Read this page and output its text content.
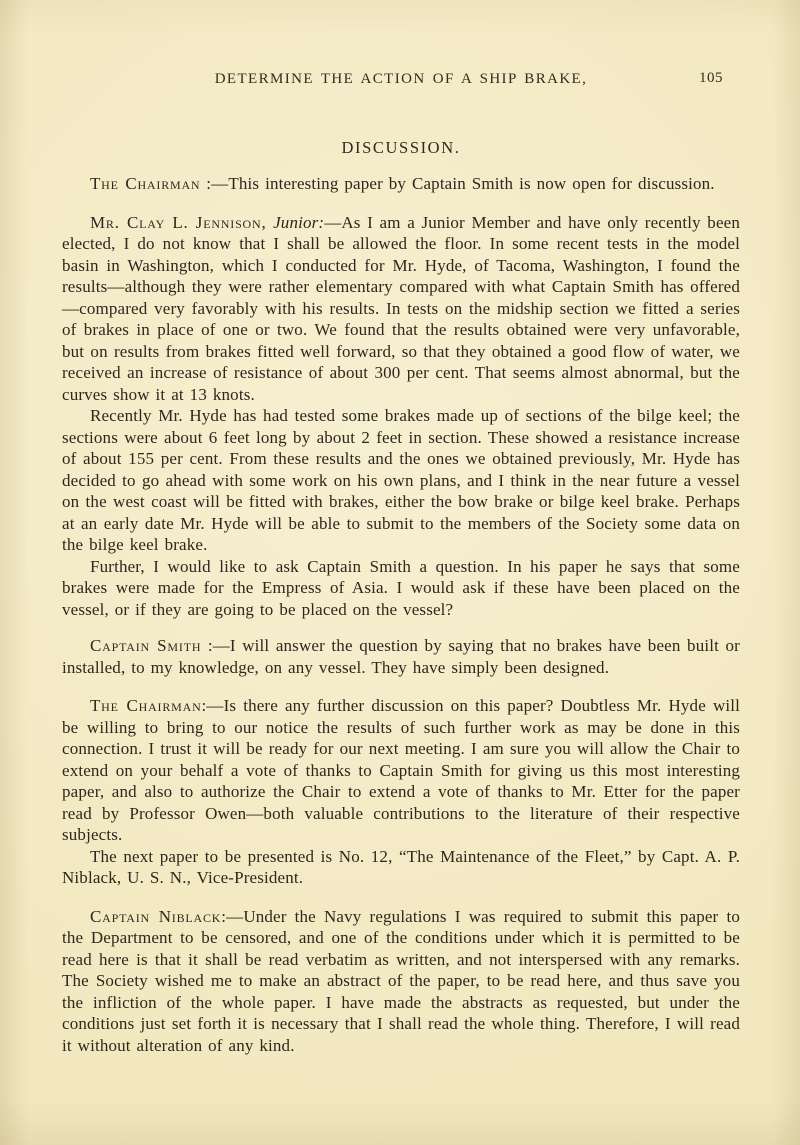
DETERMINE THE ACTION OF A SHIP BRAKE,	105
DISCUSSION.

The Chairman :—This interesting paper by Captain Smith is now open for discussion.

Mr. Clay L. Jennison, Junior:—As I am a Junior Member and have only recently been elected, I do not know that I shall be allowed the floor. In some recent tests in the model basin in Washington, which I conducted for Mr. Hyde, of Tacoma, Washington, I found the results—although they were rather elementary compared with what Captain Smith has offered—compared very favorably with his results. In tests on the midship section we fitted a series of brakes in place of one or two. We found that the results obtained were very unfavorable, but on results from brakes fitted well forward, so that they obtained a good flow of water, we received an increase of resistance of about 300 per cent. That seems almost abnormal, but the curves show it at 13 knots.

Recently Mr. Hyde has had tested some brakes made up of sections of the bilge keel; the sections were about 6 feet long by about 2 feet in section. These showed a resistance increase of about 155 per cent. From these results and the ones we obtained previously, Mr. Hyde has decided to go ahead with some work on his own plans, and I think in the near future a vessel on the west coast will be fitted with brakes, either the bow brake or bilge keel brake. Perhaps at an early date Mr. Hyde will be able to submit to the members of the Society some data on the bilge keel brake.

Further, I would like to ask Captain Smith a question. In his paper he says that some brakes were made for the Empress of Asia. I would ask if these have been placed on the vessel, or if they are going to be placed on the vessel?

Captain Smith :—I will answer the question by saying that no brakes have been built or installed, to my knowledge, on any vessel. They have simply been designed.

The Chairman:—Is there any further discussion on this paper? Doubtless Mr. Hyde will be willing to bring to our notice the results of such further work as may be done in this connection. I trust it will be ready for our next meeting. I am sure you will allow the Chair to extend on your behalf a vote of thanks to Captain Smith for giving us this most interesting paper, and also to authorize the Chair to extend a vote of thanks to Mr. Etter for the paper read by Professor Owen—both valuable contributions to the literature of their respective subjects.

The next paper to be presented is No. 12, “The Maintenance of the Fleet,” by Capt. A. P. Niblack, U. S. N., Vice-President.

Captain Niblack:—Under the Navy regulations I was required to submit this paper to the Department to be censored, and one of the conditions under which it is permitted to be read here is that it shall be read verbatim as written, and not interspersed with any remarks. The Society wished me to make an abstract of the paper, to be read here, and thus save you the infliction of the whole paper. I have made the abstracts as requested, but under the conditions just set forth it is necessary that I shall read the whole thing. Therefore, I will read it without alteration of any kind.
